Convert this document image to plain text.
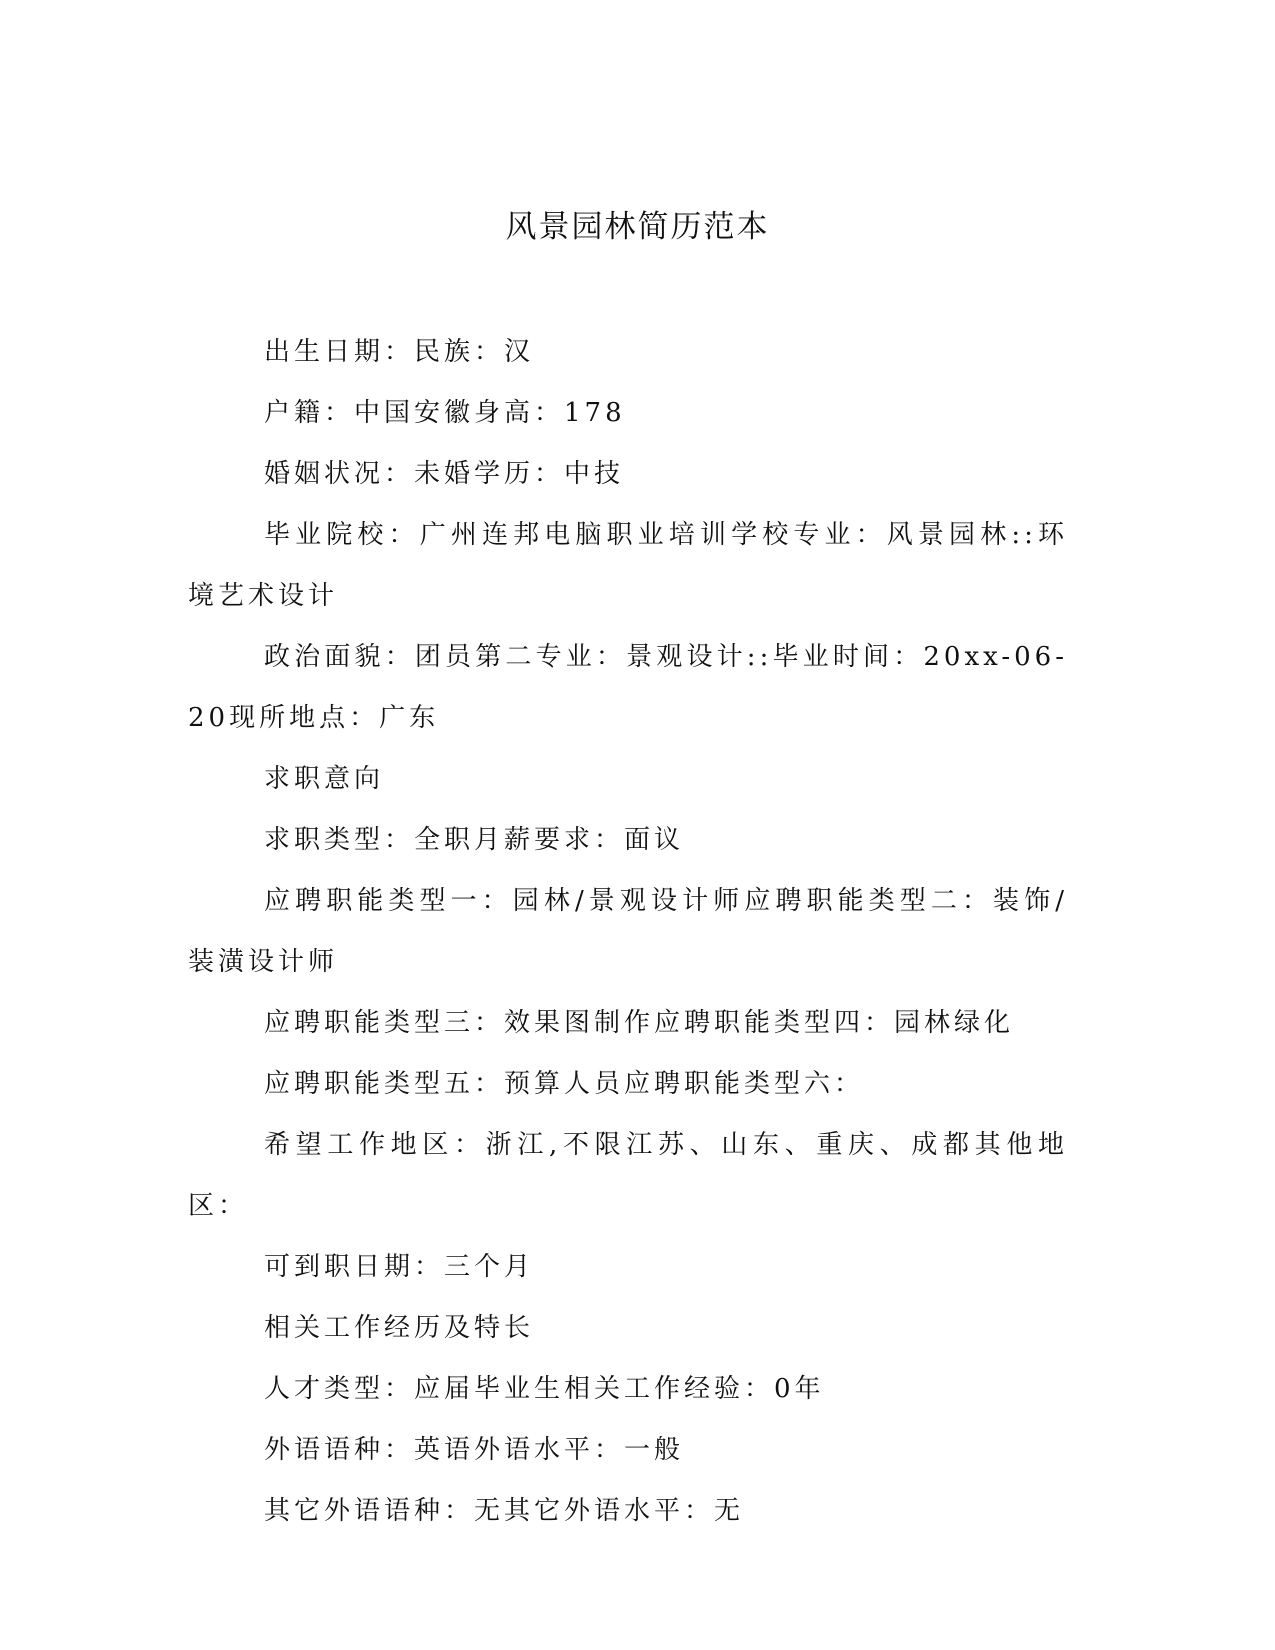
风景园林简历范本

出生日期：民族：汉

户籍：中国安徽身高：178

婚姻状况：未婚学历：中技

毕业院校：广州连邦电脑职业培训学校专业：风景园林::环境艺术设计

政治面貌：团员第二专业：景观设计::毕业时间：20xx-06-20现所地点：广东

求职意向

求职类型：全职月薪要求：面议

应聘职能类型一：园林/景观设计师应聘职能类型二：装饰/装潢设计师

应聘职能类型三：效果图制作应聘职能类型四：园林绿化

应聘职能类型五：预算人员应聘职能类型六：

希望工作地区：浙江,不限江苏、山东、重庆、成都其他地区：

可到职日期：三个月

相关工作经历及特长

人才类型：应届毕业生相关工作经验：0年

外语语种：英语外语水平：一般

其它外语语种：无其它外语水平：无
